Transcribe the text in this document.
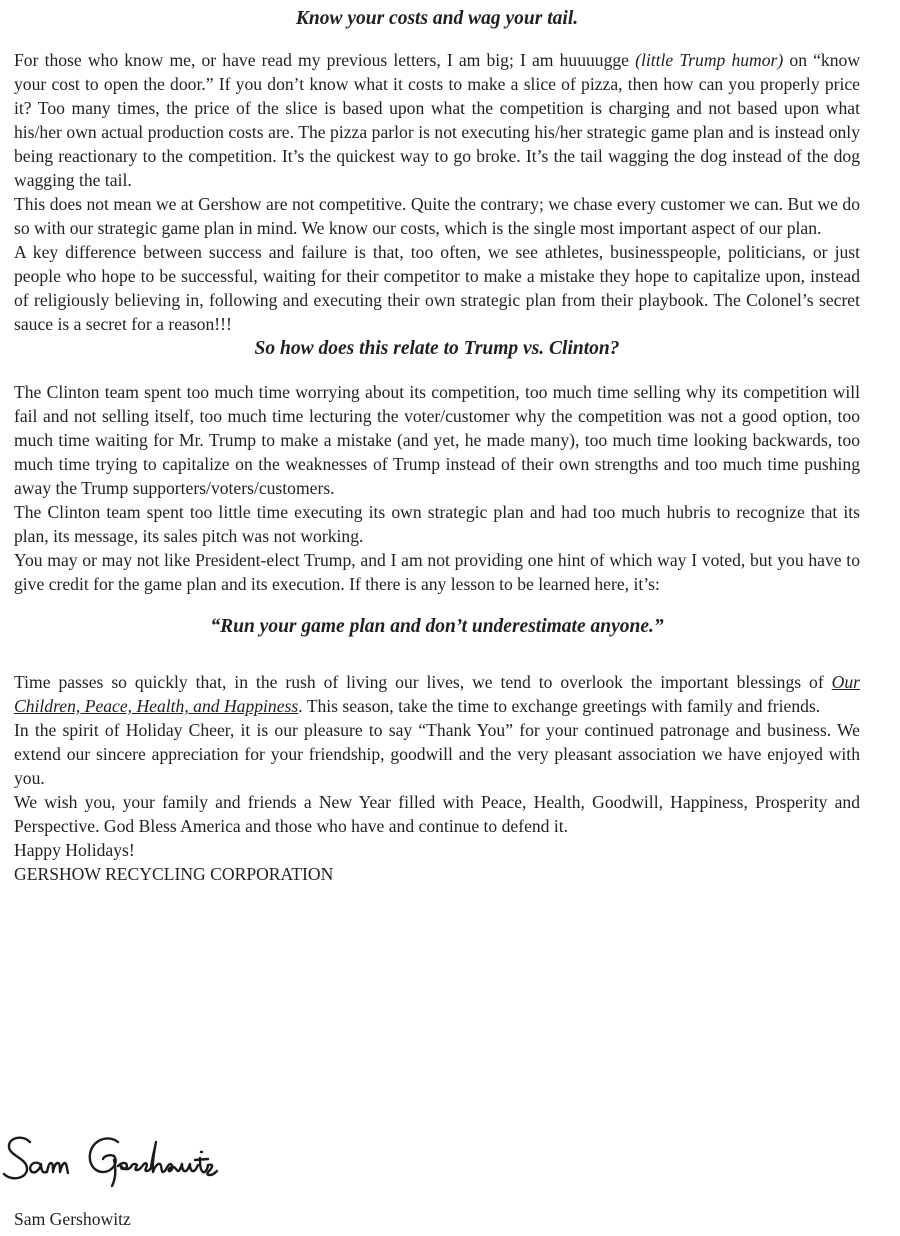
Know your costs and wag your tail.

For those who know me, or have read my previous letters, I am big; I am huuuugge (little Trump humor) on “know your cost to open the door.” If you don’t know what it costs to make a slice of pizza, then how can you properly price it? Too many times, the price of the slice is based upon what the competition is charging and not based upon what his/her own actual production costs are. The pizza parlor is not executing his/her strategic game plan and is instead only being reactionary to the competition. It’s the quickest way to go broke. It’s the tail wagging the dog instead of the dog wagging the tail.

This does not mean we at Gershow are not competitive. Quite the contrary; we chase every customer we can. But we do so with our strategic game plan in mind. We know our costs, which is the single most important aspect of our plan.

A key difference between success and failure is that, too often, we see athletes, businesspeople, politicians, or just people who hope to be successful, waiting for their competitor to make a mistake they hope to capitalize upon, instead of religiously believing in, following and executing their own strategic plan from their playbook. The Colonel’s secret sauce is a secret for a reason!!!

So how does this relate to Trump vs. Clinton?

The Clinton team spent too much time worrying about its competition, too much time selling why its competition will fail and not selling itself, too much time lecturing the voter/customer why the competition was not a good option, too much time waiting for Mr. Trump to make a mistake (and yet, he made many), too much time looking backwards, too much time trying to capitalize on the weaknesses of Trump instead of their own strengths and too much time pushing away the Trump supporters/voters/customers.

The Clinton team spent too little time executing its own strategic plan and had too much hubris to recognize that its plan, its message, its sales pitch was not working.

You may or may not like President-elect Trump, and I am not providing one hint of which way I voted, but you have to give credit for the game plan and its execution. If there is any lesson to be learned here, it’s:

“Run your game plan and don’t underestimate anyone.”

Time passes so quickly that, in the rush of living our lives, we tend to overlook the important blessings of Our Children, Peace, Health, and Happiness. This season, take the time to exchange greetings with family and friends.

In the spirit of Holiday Cheer, it is our pleasure to say “Thank You” for your continued patronage and business. We extend our sincere appreciation for your friendship, goodwill and the very pleasant association we have enjoyed with you.

We wish you, your family and friends a New Year filled with Peace, Health, Goodwill, Happiness, Prosperity and Perspective. God Bless America and those who have and continue to defend it.

Happy Holidays!

GERSHOW RECYCLING CORPORATION

Sam Gershowitz
